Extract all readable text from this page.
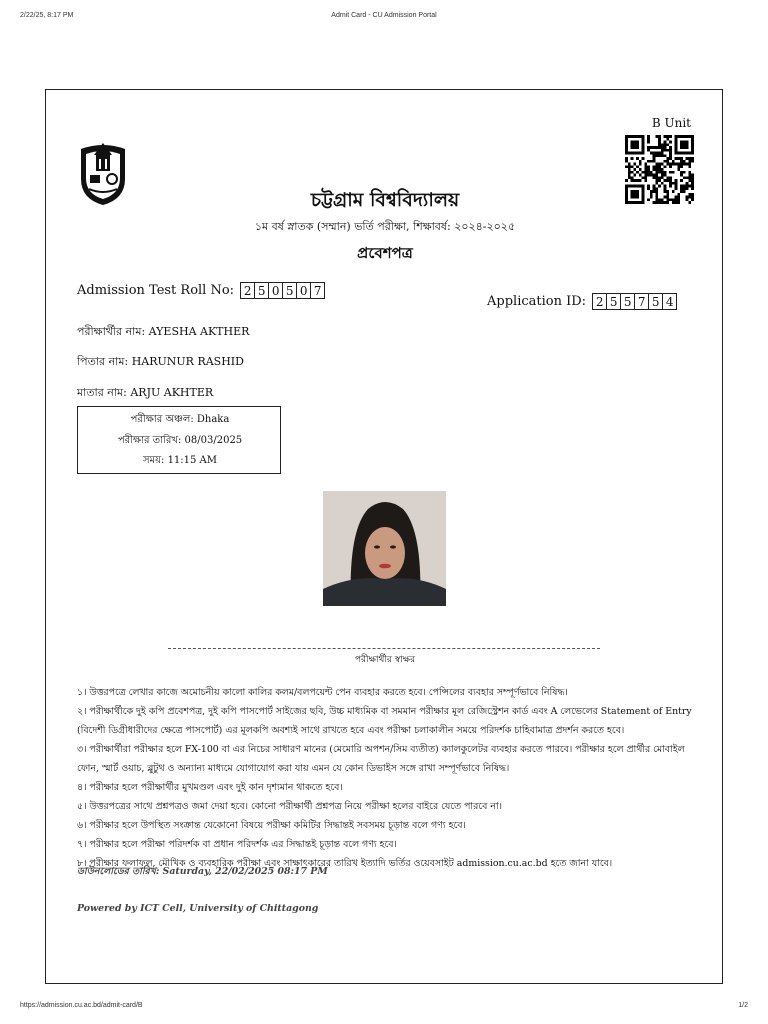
2/22/25, 8:17 PM	Admit Card - CU Admission Portal
B Unit
চট্টগ্রাম বিশ্ববিদ্যালয়
১ম বর্ষ স্নাতক (সম্মান) ভর্তি পরীক্ষা, শিক্ষাবর্ষ: ২০২৪-২০২৫
প্রবেশপত্র
Admission Test Roll No: 2 5 0 5 0 7
Application ID: 2 5 5 7 5 4
পরীক্ষার্থীর নাম: AYESHA AKTHER
পিতার নাম: HARUNUR RASHID
মাতার নাম: ARJU AKHTER
পরীক্ষার অঞ্চল: Dhaka
পরীক্ষার তারিখ: 08/03/2025
সময়: 11:15 AM
পরীক্ষার্থীর স্বাক্ষর

১। উত্তরপত্রে লেখার কাজে অমোচনীয় কালো কালির কলম/বলপয়েন্ট পেন ব্যবহার করতে হবে। পেন্সিলের ব্যবহার সম্পূর্ণভাবে নিষিদ্ধ।

২। পরীক্ষার্থীকে দুই কপি প্রবেশপত্র, দুই কপি পাসপোর্ট সাইজের ছবি, উচ্চ মাধ্যমিক বা সমমান পরীক্ষার মূল রেজিস্ট্রেশন কার্ড এবং A লেভেলের Statement of Entry (বিদেশী ডিগ্রীধারীদের ক্ষেত্রে পাসপোর্ট) এর মূলকপি অবশ্যই সাথে রাখতে হবে এবং পরীক্ষা চলাকালীন সময়ে পরিদর্শক চাহিবামাত্র প্রদর্শন করতে হবে।

৩। পরীক্ষার্থীরা পরীক্ষার হলে FX-100 বা এর নিচের সাধারণ মানের (মেমোরি অপশন/সিম ব্যতীত) ক্যালকুলেটর ব্যবহার করতে পারবে। পরীক্ষার হলে প্রার্থীর মোবাইল ফোন, স্মার্ট ওয়াচ, ব্লুটুথ ও অন্যান্য মাধ্যমে যোগাযোগ করা যায় এমন যে কোন ডিভাইস সঙ্গে রাখা সম্পূর্ণভাবে নিষিদ্ধ।

৪। পরীক্ষার হলে পরীক্ষার্থীর মুখমণ্ডল এবং দুই কান দৃশ্যমান থাকতে হবে।

৫। উত্তরপত্রের সাথে প্রশ্নপত্রও জমা দেয়া হবে। কোনো পরীক্ষার্থী প্রশ্নপত্র নিয়ে পরীক্ষা হলের বাইরে যেতে পারবে না।

৬। পরীক্ষার হলে উপস্থিত সংক্রান্ত যেকোনো বিষয়ে পরীক্ষা কমিটির সিদ্ধান্তই সবসময় চূড়ান্ত বলে গণ্য হবে।

৭। পরীক্ষার হলে পরীক্ষা পরিদর্শক বা প্রধান পরিদর্শক এর সিদ্ধান্তই চূড়ান্ত বলে গণ্য হবে।

৮। পরীক্ষার ফলাফল, মৌখিক ও ব্যবহারিক পরীক্ষা এবং সাক্ষাৎকারের তারিখ ইত্যাদি ভর্তির ওয়েবসাইট admission.cu.ac.bd হতে জানা যাবে।

ডাউনলোডের তারিখ: Saturday, 22/02/2025 08:17 PM
Powered by ICT Cell, University of Chittagong
https://admission.cu.ac.bd/admit-card/B	1/2
